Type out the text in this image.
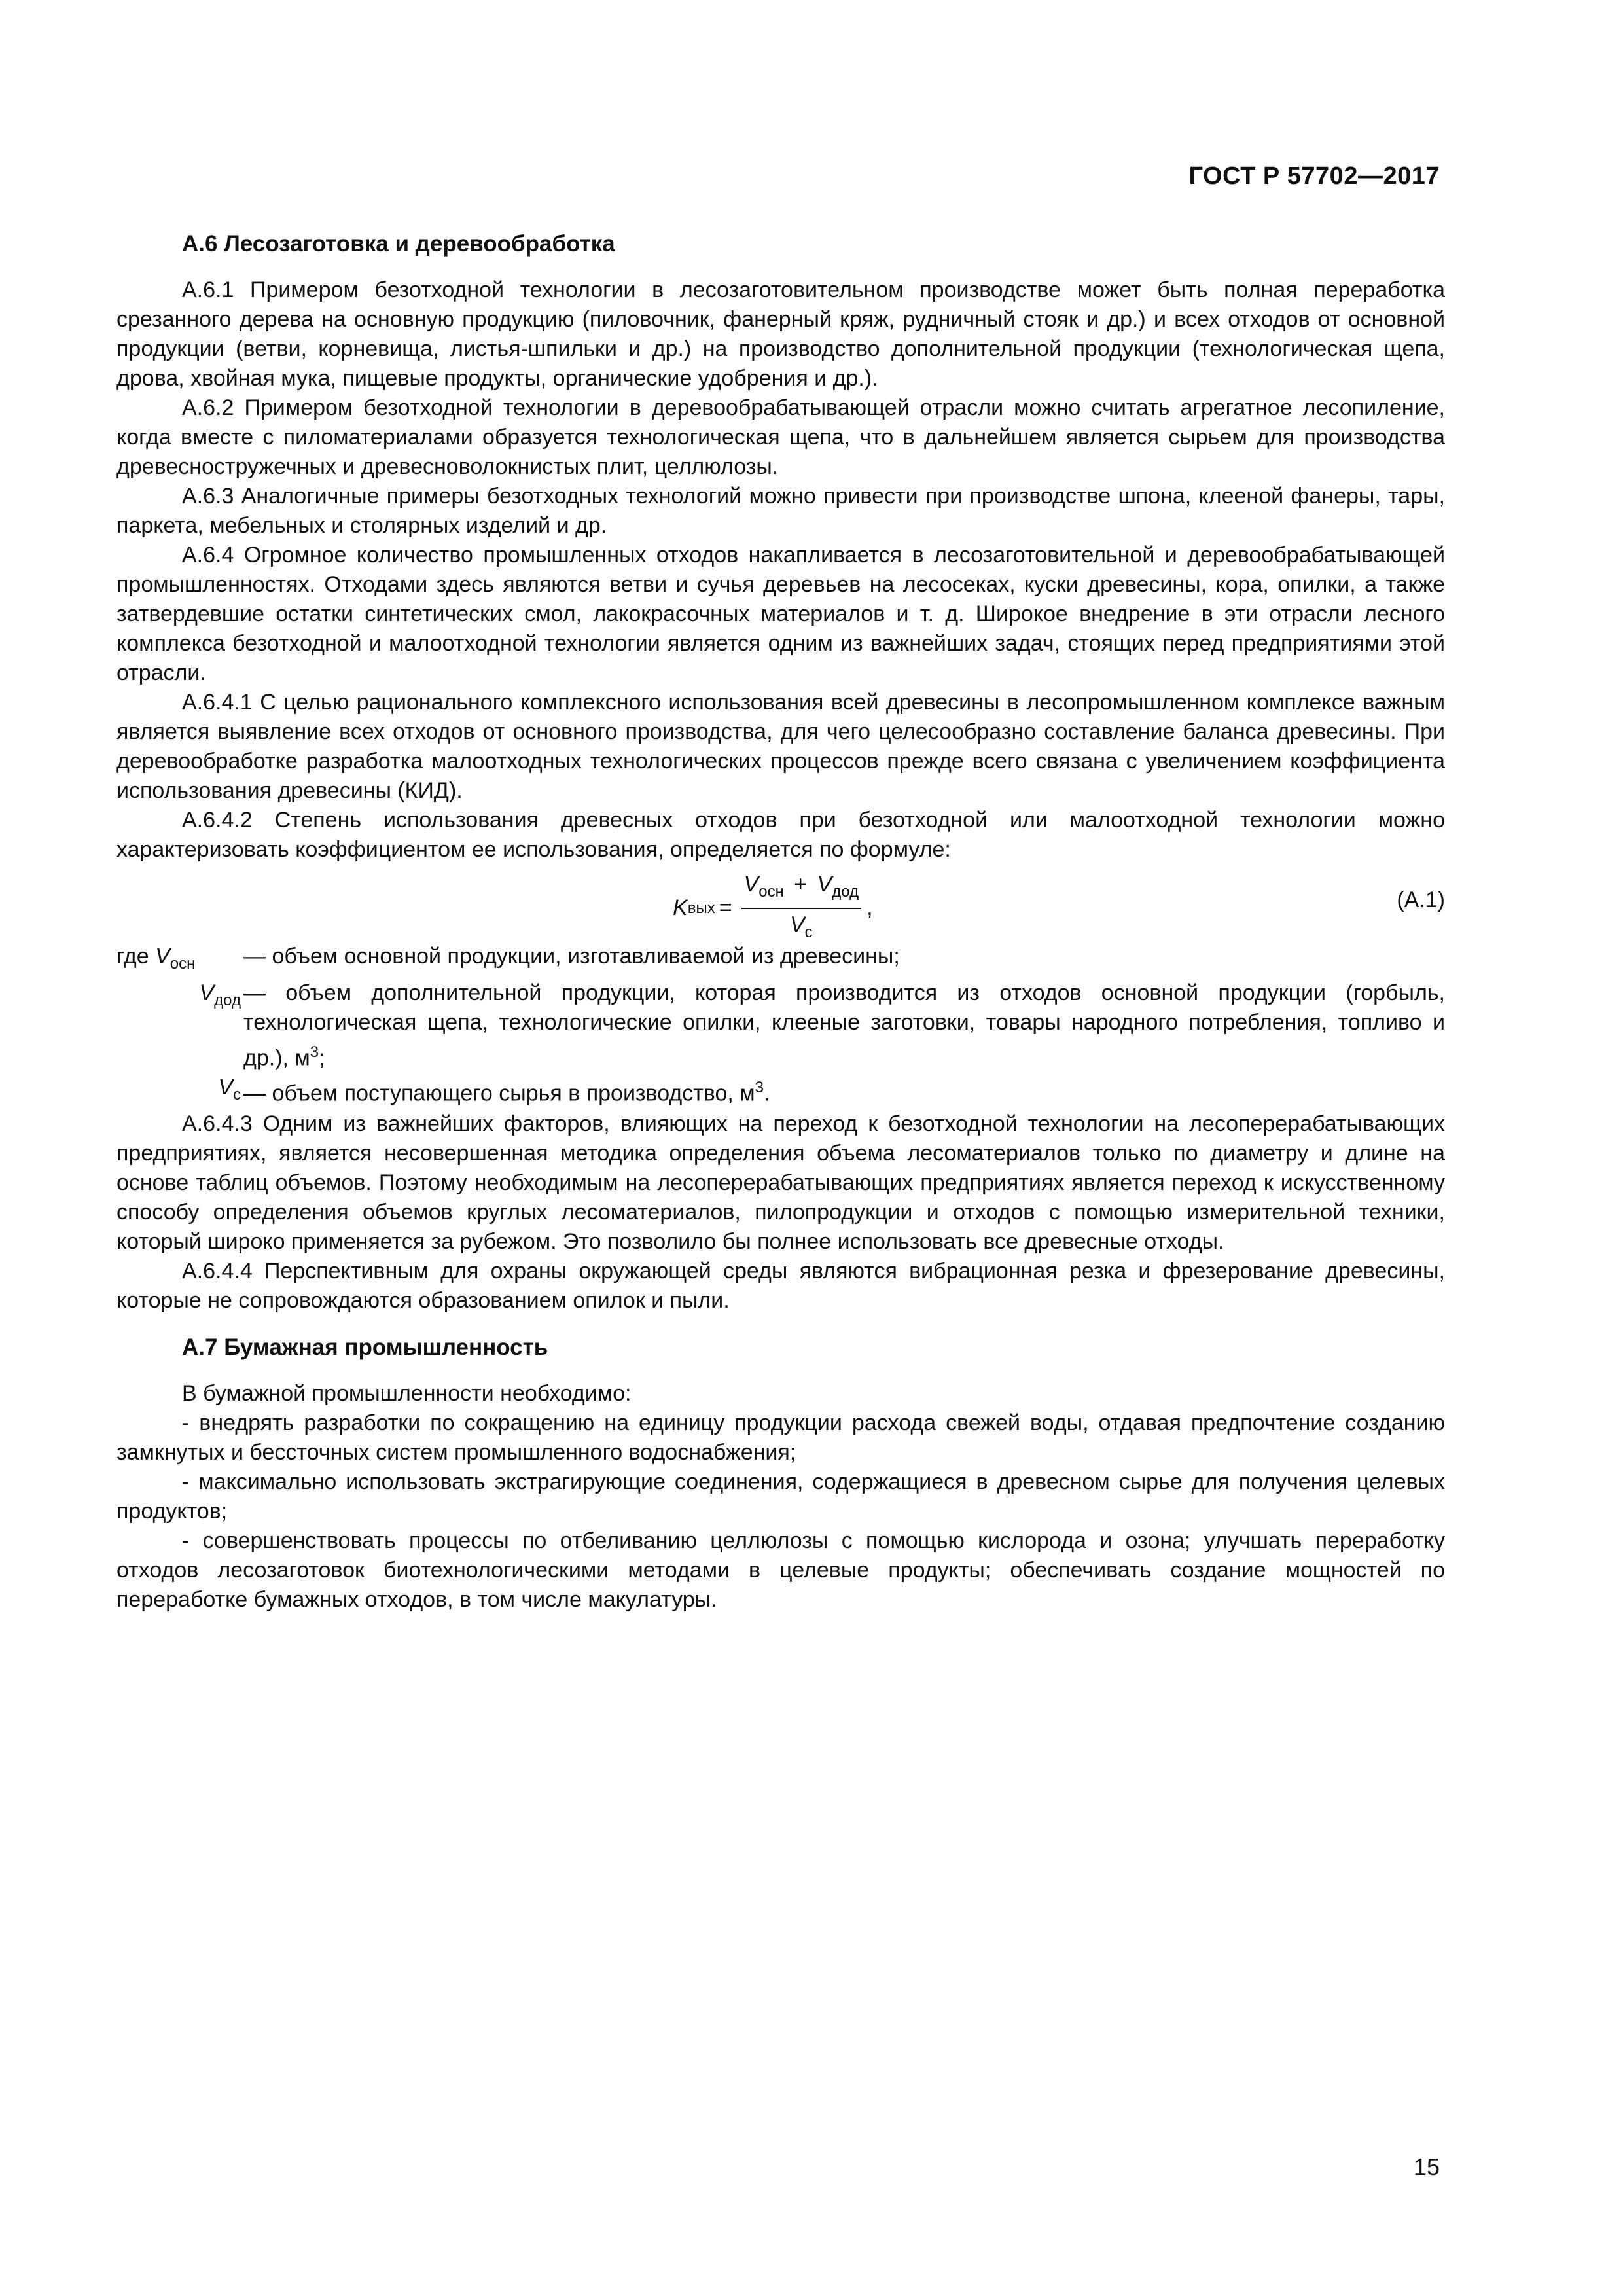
ГОСТ Р 57702—2017
А.6 Лесозаготовка и деревообработка

А.6.1 Примером безотходной технологии в лесозаготовительном производстве может быть полная переработка срезанного дерева на основную продукцию (пиловочник, фанерный кряж, рудничный стояк и др.) и всех отходов от основной продукции (ветви, корневища, листья-шпильки и др.) на производство дополнительной продукции (технологическая щепа, дрова, хвойная мука, пищевые продукты, органические удобрения и др.).

А.6.2 Примером безотходной технологии в деревообрабатывающей отрасли можно считать агрегатное лесопиление, когда вместе с пиломатериалами образуется технологическая щепа, что в дальнейшем является сырьем для производства древесностружечных и древесноволокнистых плит, целлюлозы.

А.6.3 Аналогичные примеры безотходных технологий можно привести при производстве шпона, клееной фанеры, тары, паркета, мебельных и столярных изделий и др.

А.6.4 Огромное количество промышленных отходов накапливается в лесозаготовительной и деревообрабатывающей промышленностях. Отходами здесь являются ветви и сучья деревьев на лесосеках, куски древесины, кора, опилки, а также затвердевшие остатки синтетических смол, лакокрасочных материалов и т. д. Широкое внедрение в эти отрасли лесного комплекса безотходной и малоотходной технологии является одним из важнейших задач, стоящих перед предприятиями этой отрасли.

А.6.4.1 С целью рационального комплексного использования всей древесины в лесопромышленном комплексе важным является выявление всех отходов от основного производства, для чего целесообразно составление баланса древесины. При деревообработке разработка малоотходных технологических процессов прежде всего связана с увеличением коэффициента использования древесины (КИД).

А.6.4.2 Степень использования древесных отходов при безотходной или малоотходной технологии можно характеризовать коэффициентом ее использования, определяется по формуле:

K вых = $\frac{V_{осн} + V_{дод}}{V_c}$ ,	(А.1)
где $V_{осн}$	— объем основной продукции, изготавливаемой из древесины;
$V_{дод}$ — объем дополнительной продукции, которая производится из отходов основной продукции (горбыль, технологическая щепа, технологические опилки, клееные заготовки, товары народного потребления, топливо и др.), $м^3$;
$V_c$ — объем поступающего сырья в производство, $м^3$.

А.6.4.3 Одним из важнейших факторов, влияющих на переход к безотходной технологии на лесоперерабатывающих предприятиях, является несовершенная методика определения объема лесоматериалов только по диаметру и длине на основе таблиц объемов. Поэтому необходимым на лесоперерабатывающих предприятиях является переход к искусственному способу определения объемов круглых лесоматериалов, пилопродукции и отходов с помощью измерительной техники, который широко применяется за рубежом. Это позволило бы полнее использовать все древесные отходы.

А.6.4.4 Перспективным для охраны окружающей среды являются вибрационная резка и фрезерование древесины, которые не сопровождаются образованием опилок и пыли.

А.7 Бумажная промышленность

В бумажной промышленности необходимо:

- внедрять разработки по сокращению на единицу продукции расхода свежей воды, отдавая предпочтение созданию замкнутых и бессточных систем промышленного водоснабжения;

- максимально использовать экстрагирующие соединения, содержащиеся в древесном сырье для получения целевых продуктов;

- совершенствовать процессы по отбеливанию целлюлозы с помощью кислорода и озона; улучшать переработку отходов лесозаготовок биотехнологическими методами в целевые продукты; обеспечивать создание мощностей по переработке бумажных отходов, в том числе макулатуры.

15
